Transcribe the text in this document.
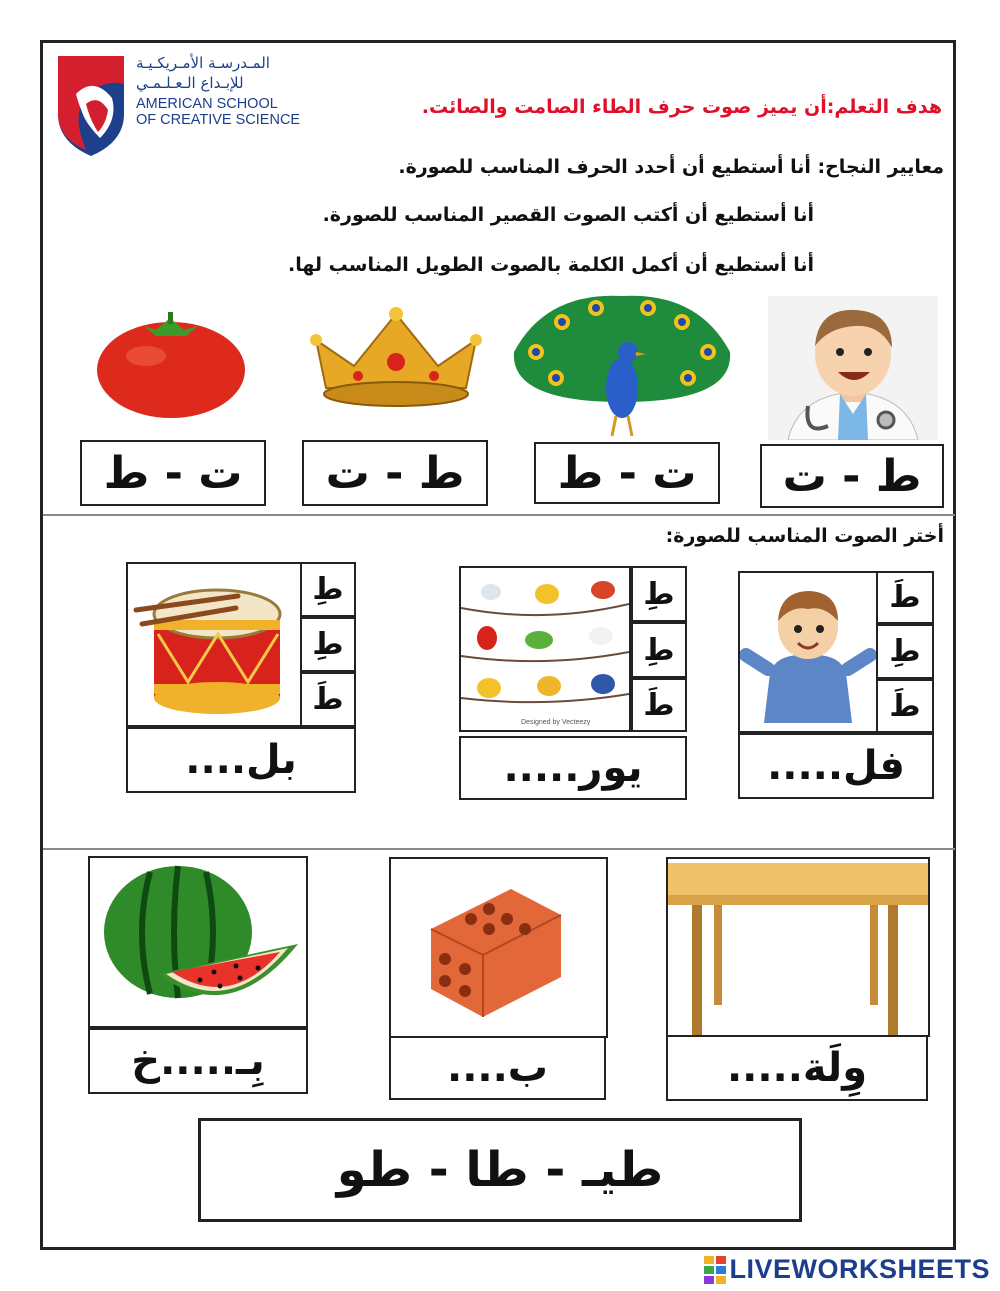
المـدرسـة الأمـريكـيـة
للإبـداع الـعـلـمـي
AMERICAN SCHOOL
OF CREATIVE SCIENCE
هدف التعلم:أن يميز صوت حرف الطاء الصامت والصائت.
معايير النجاح: أنا أستطيع أن أحدد الحرف المناسب للصورة.
أنا أستطيع أن أكتب الصوت القصير المناسب للصورة.
أنا أستطيع أن أكمل الكلمة بالصوت الطويل المناسب لها.
ط - ت
ت - ط
ط - ت
ت - ط
أختر الصوت المناسب للصورة:
طَ
طِ
طَ
فل.....
Designed by Vecteezy
طِ
طِ
طَ
يور.....
طِ
طِ
طَ
بل....
وِلَة.....
ب....
بِـ.....خ
طيـ - طا - طو
LIVEWORKSHEETS
